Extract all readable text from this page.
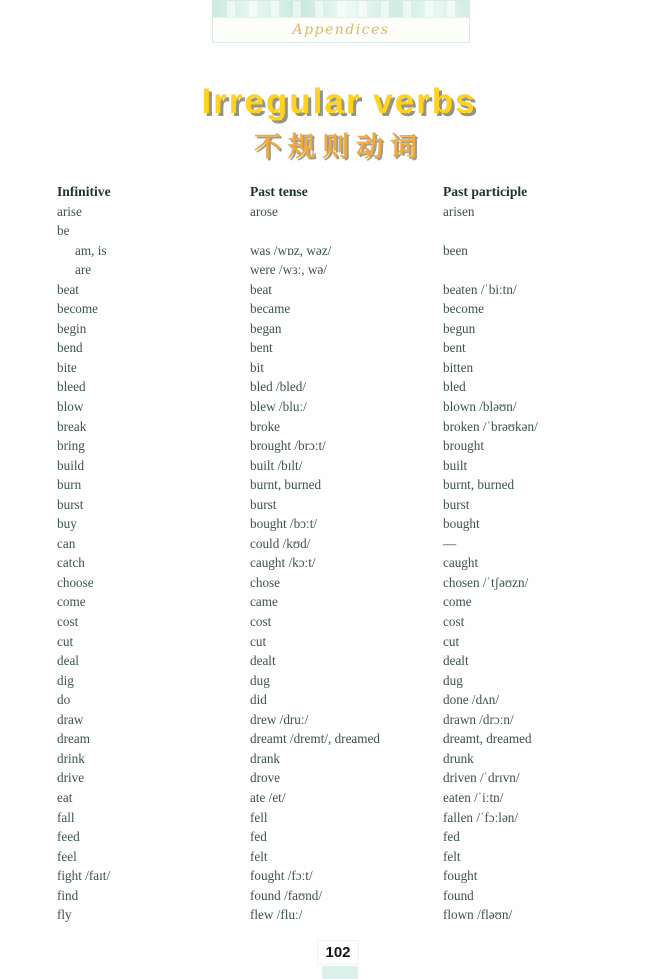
Appendices
Irregular verbs
不规则动词
Infinitive	Past tense	Past participle
arise	arose	arisen
be
am, is	was /wɒz, wəz/	been
are	were /wɜː, wə/
beat	beat	beaten /ˈbiːtn/
become	became	become
begin	began	begun
bend	bent	bent
bite	bit	bitten
bleed	bled /bled/	bled
blow	blew /bluː/	blown /bləʊn/
break	broke	broken /ˈbrəʊkən/
bring	brought /brɔːt/	brought
build	built /bɪlt/	built
burn	burnt, burned	burnt, burned
burst	burst	burst
buy	bought /bɔːt/	bought
can	could /kʊd/	—
catch	caught /kɔːt/	caught
choose	chose	chosen /ˈtʃəʊzn/
come	came	come
cost	cost	cost
cut	cut	cut
deal	dealt	dealt
dig	dug	dug
do	did	done /dʌn/
draw	drew /druː/	drawn /drɔːn/
dream	dreamt /dremt/, dreamed	dreamt, dreamed
drink	drank	drunk
drive	drove	driven /ˈdrɪvn/
eat	ate /et/	eaten /ˈiːtn/
fall	fell	fallen /ˈfɔːlən/
feed	fed	fed
feel	felt	felt
fight /faɪt/	fought /fɔːt/	fought
find	found /faʊnd/	found
fly	flew /fluː/	flown /fləʊn/
102
